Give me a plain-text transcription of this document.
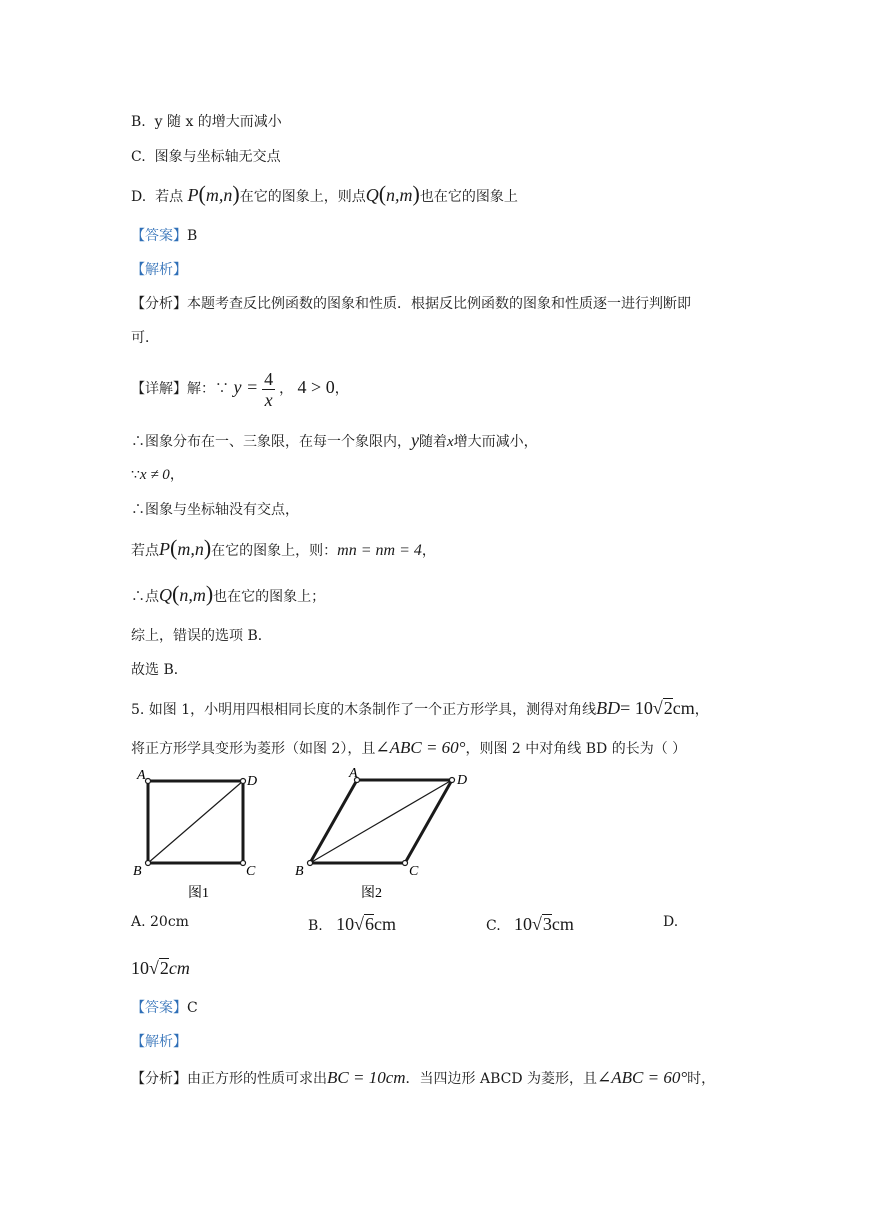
B. y 随 x 的增大而减小
C. 图象与坐标轴无交点
D. 若点 P(m,n)在它的图象上，则点Q(n,m)也在它的图象上
【答案】B
【解析】
【分析】本题考查反比例函数的图象和性质．根据反比例函数的图象和性质逐一进行判断即
可．
【详解】解：∵ $y = \frac{4}{x}$ ， 4 > 0，
∴图象分布在一、三象限，在每一个象限内，y随着x增大而减小，
∵x ≠ 0，
∴图象与坐标轴没有交点，
若点P(m,n)在它的图象上，则：mn = nm = 4，
∴点Q(n,m)也在它的图象上；
综上，错误的选项 B．
故选 B．
5. 如图 1，小明用四根相同长度的木条制作了一个正方形学具，测得对角线BD= 10√2cm，
将正方形学具变形为菱形（如图 2），且∠ABC = 60°，则图 2 中对角线 BD 的长为（ ）
A	D
B	C
A	D
B	C
图1	图2
A. 20cm	B. 10√6cm	C. 10√3cm	D.
10√2cm
【答案】C
【解析】
【分析】由正方形的性质可求出BC = 10cm．当四边形 ABCD 为菱形，且∠ABC = 60°时，
